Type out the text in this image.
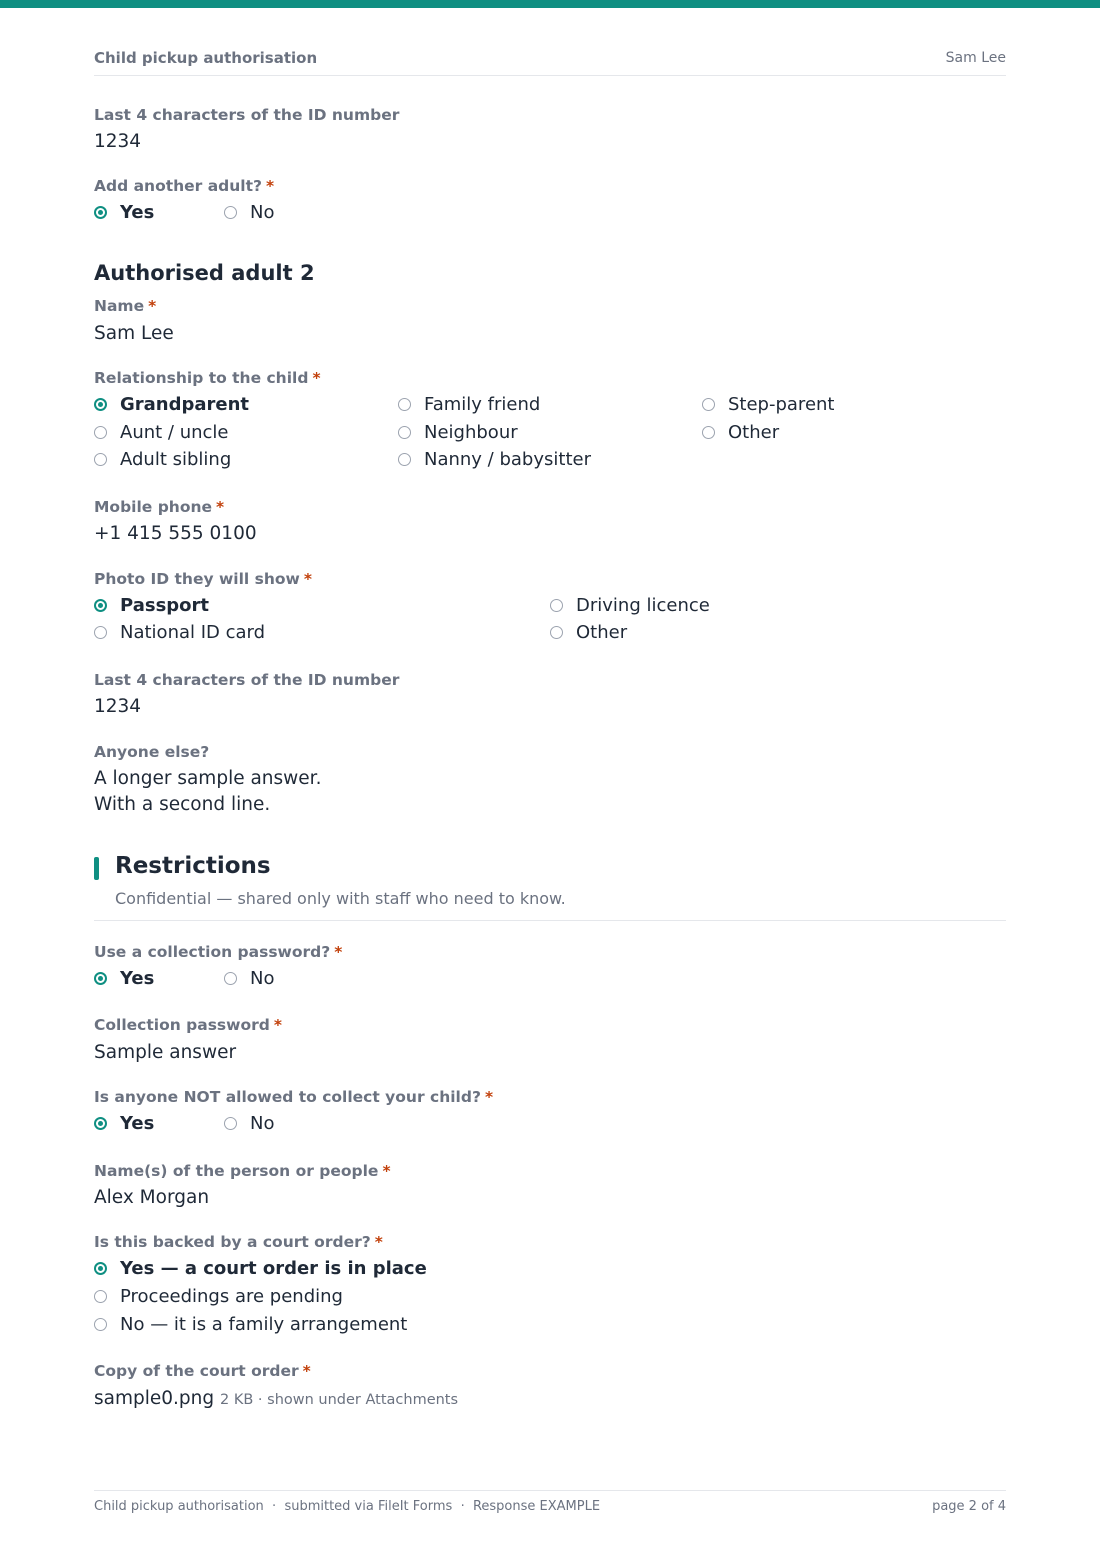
Child pickup authorisation	Sam Lee
Last 4 characters of the ID number
1234
Add another adult? *
Yes	No
Authorised adult 2
Name *
Sam Lee
Relationship to the child *
Grandparent	Family friend	Step-parent
Aunt / uncle	Neighbour	Other
Adult sibling	Nanny / babysitter
Mobile phone *
+1 415 555 0100
Photo ID they will show *
Passport	Driving licence
National ID card	Other
Last 4 characters of the ID number
1234
Anyone else?
A longer sample answer.
With a second line.
Restrictions
Confidential — shared only with staff who need to know.
Use a collection password? *
Yes	No
Collection password *
Sample answer
Is anyone NOT allowed to collect your child? *
Yes	No
Name(s) of the person or people *
Alex Morgan
Is this backed by a court order? *
Yes — a court order is in place
Proceedings are pending
No — it is a family arrangement
Copy of the court order *
sample0.png 2 KB · shown under Attachments
Child pickup authorisation  ·  submitted via FileIt Forms  ·  Response EXAMPLE	page 2 of 4
